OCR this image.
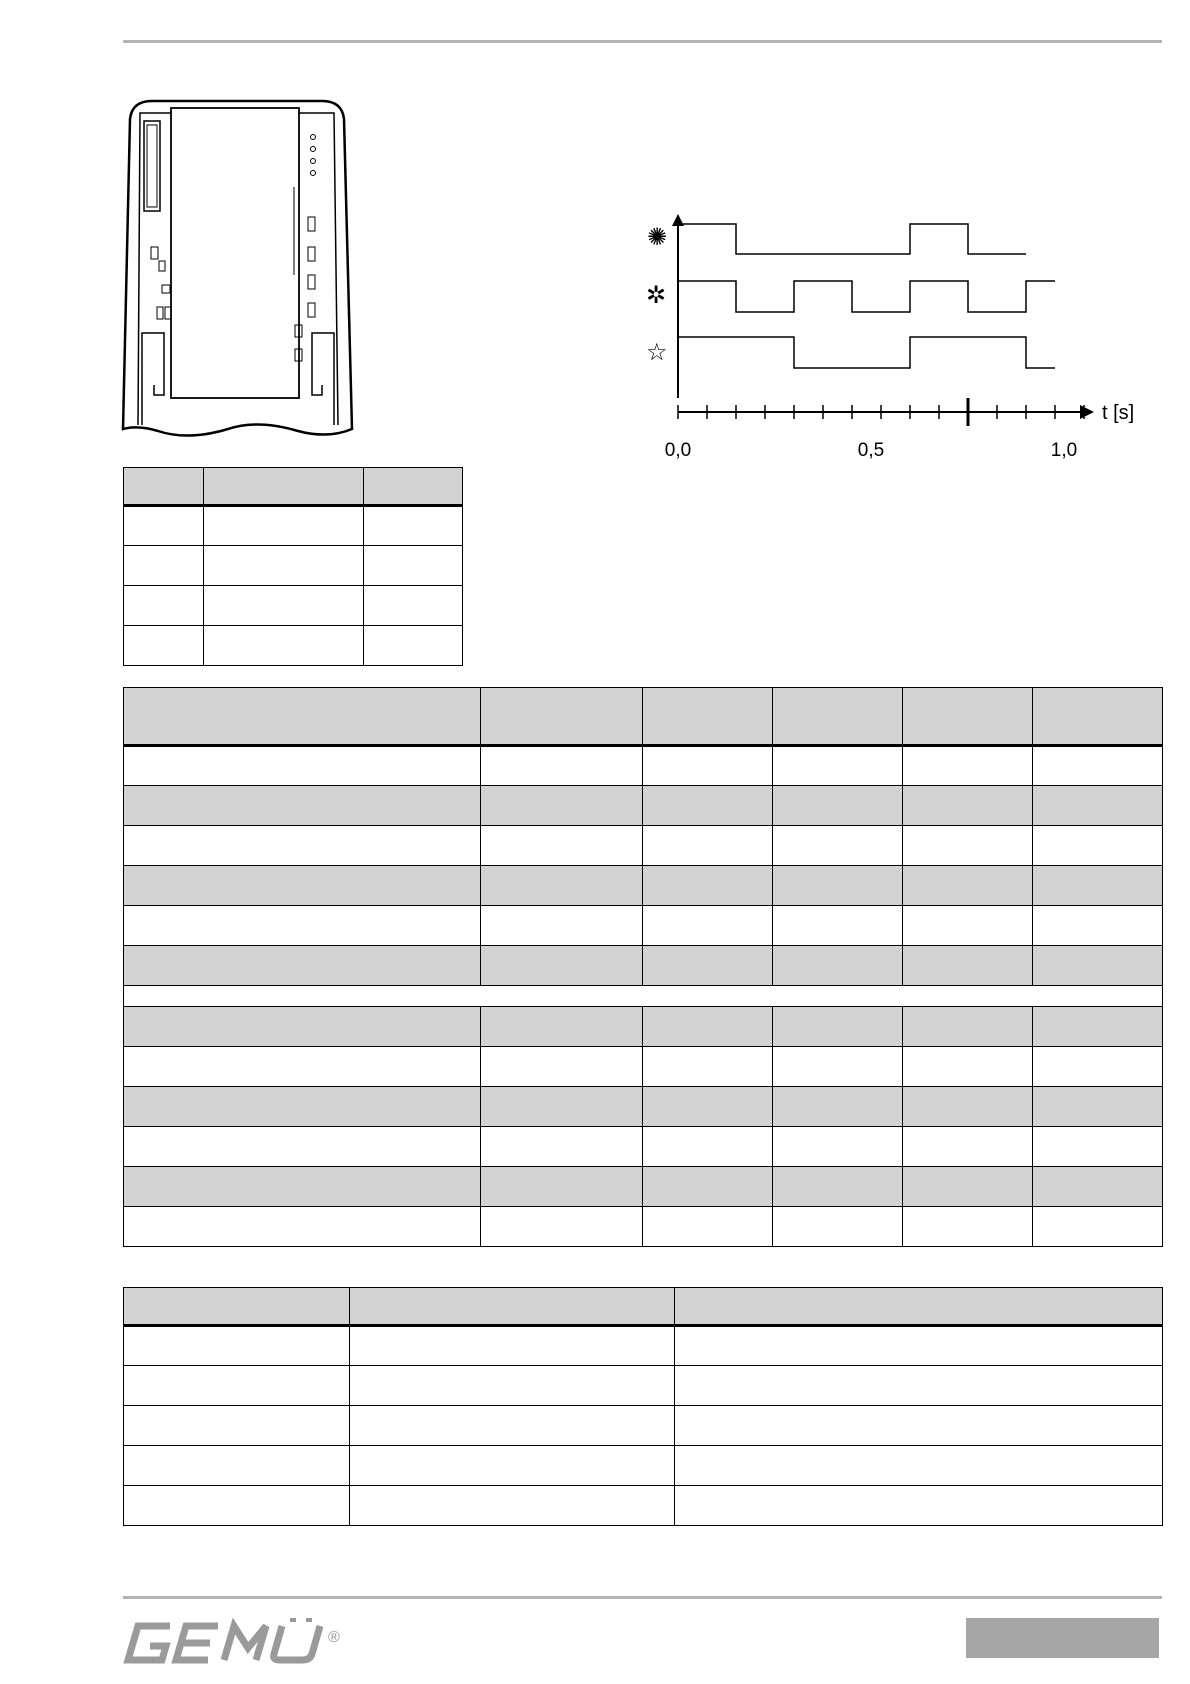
✺
✲
☆
t [s]
0,0	0,5	1,0

®
